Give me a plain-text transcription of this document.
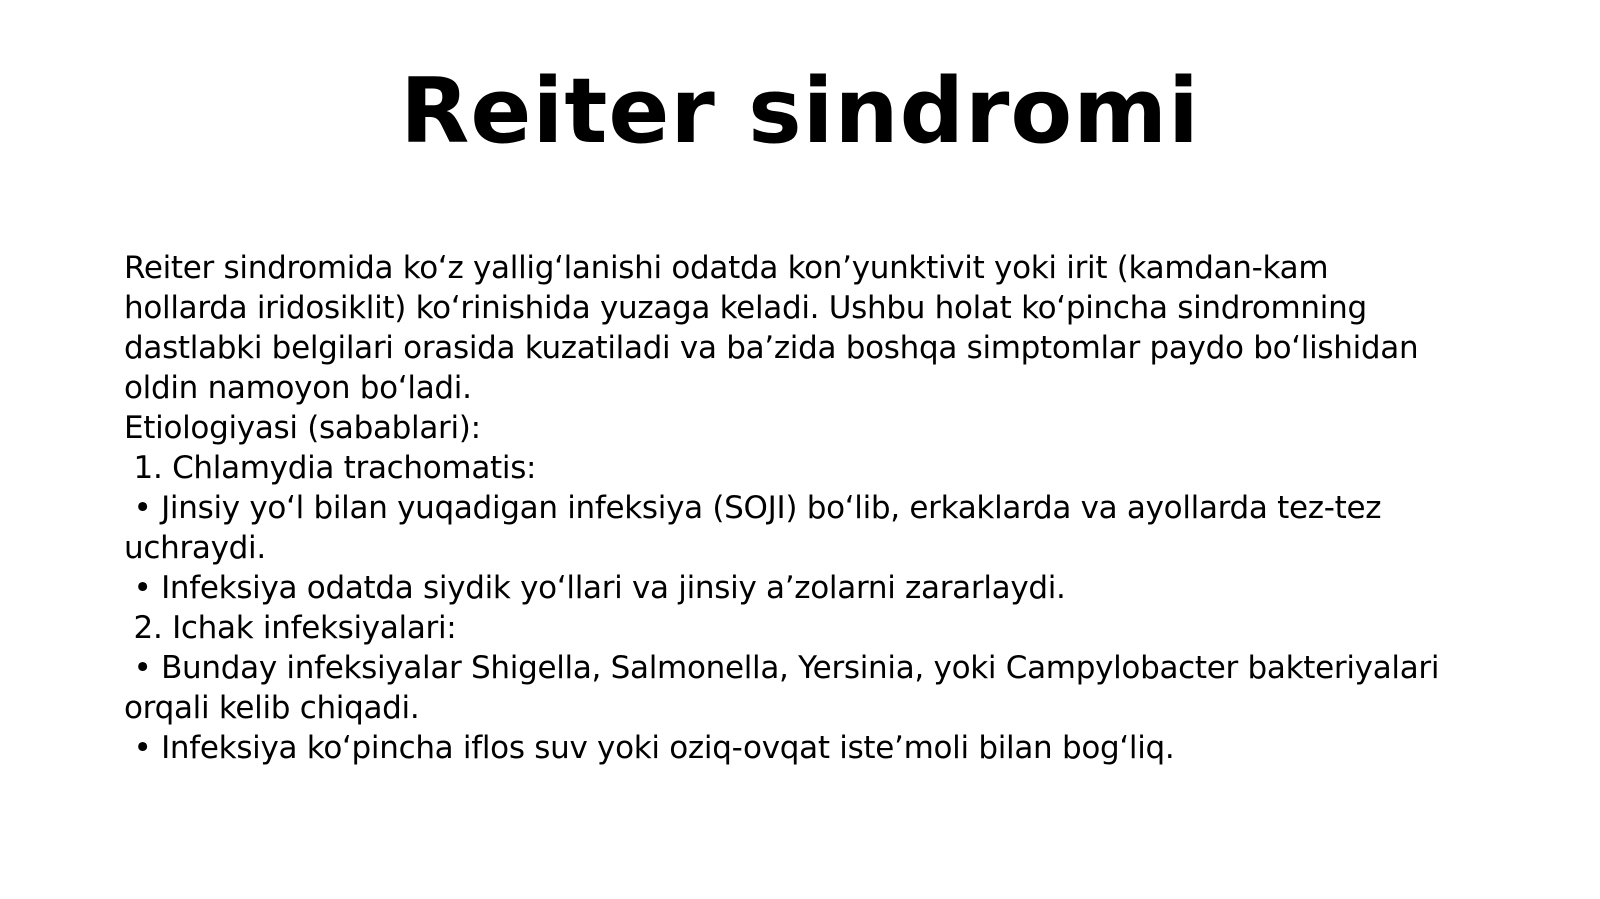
Reiter sindromi
Reiter sindromida koʻz yalligʻlanishi odatda konʼyunktivit yoki irit (kamdan-kam
hollarda iridosiklit) koʻrinishida yuzaga keladi. Ushbu holat koʻpincha sindromning
dastlabki belgilari orasida kuzatiladi va baʼzida boshqa simptomlar paydo boʻlishidan
oldin namoyon boʻladi.
Etiologiyasi (sabablari):
1. Chlamydia trachomatis:
• Jinsiy yoʻl bilan yuqadigan infeksiya (SOJI) boʻlib, erkaklarda va ayollarda tez-tez
uchraydi.
• Infeksiya odatda siydik yoʻllari va jinsiy aʼzolarni zararlaydi.
2. Ichak infeksiyalari:
• Bunday infeksiyalar Shigella, Salmonella, Yersinia, yoki Campylobacter bakteriyalari
orqali kelib chiqadi.
• Infeksiya koʻpincha iflos suv yoki oziq-ovqat isteʼmoli bilan bogʻliq.
